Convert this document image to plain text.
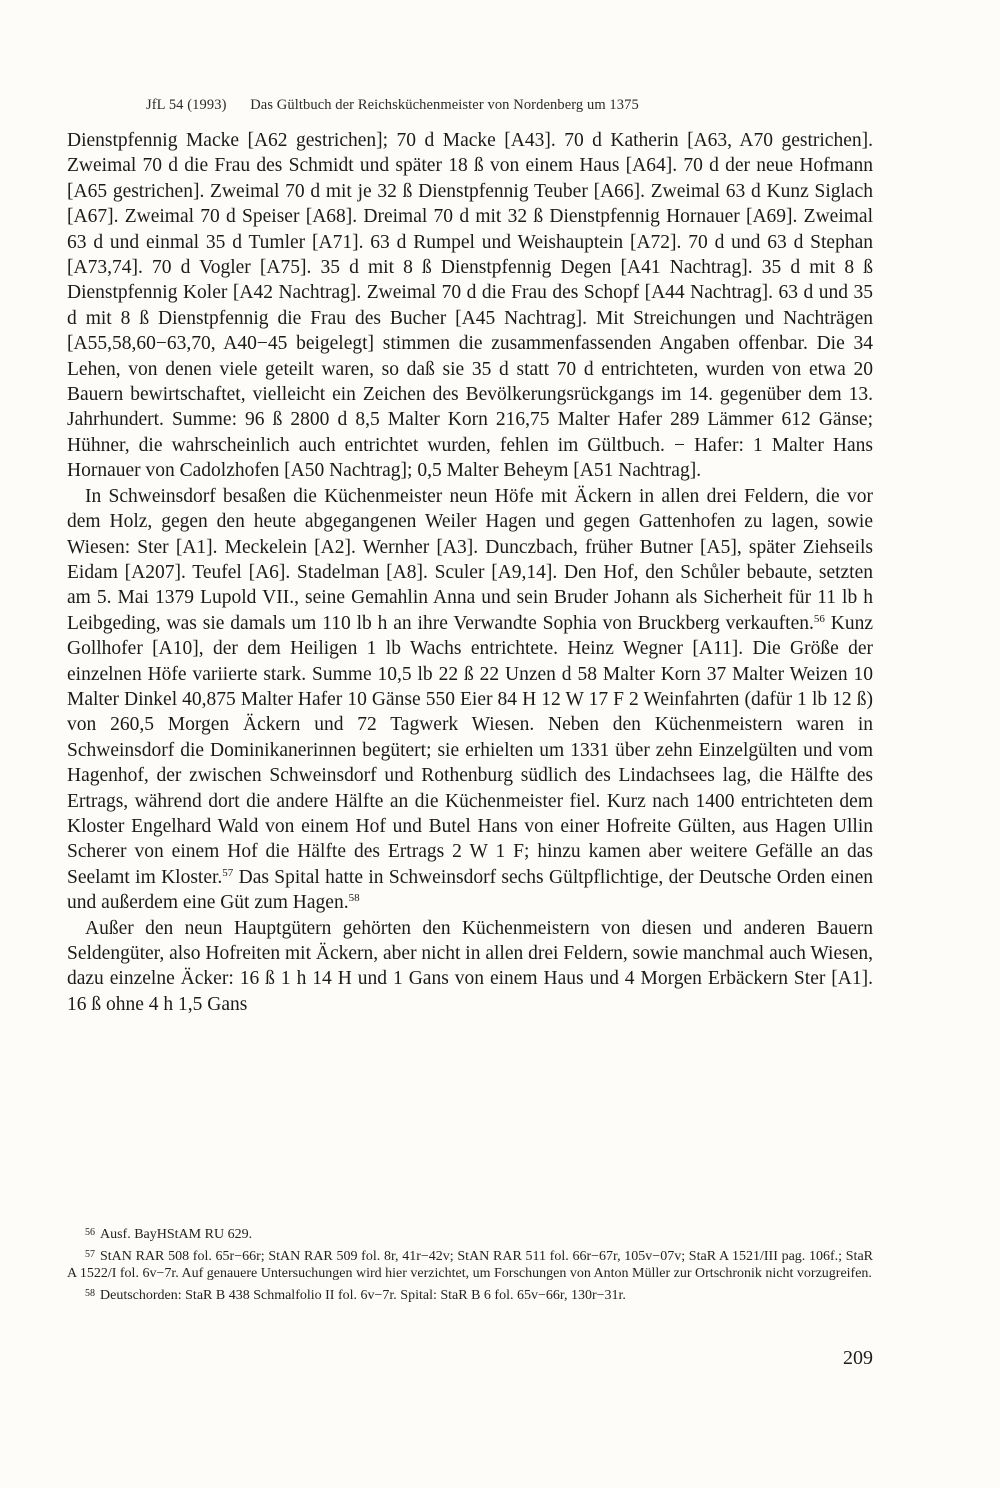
JfL 54 (1993) Das Gültbuch der Reichsküchenmeister von Nordenberg um 1375

Dienstpfennig Macke [A62 gestrichen]; 70 d Macke [A43]. 70 d Katherin [A63, A70 gestrichen]. Zweimal 70 d die Frau des Schmidt und später 18 ß von einem Haus [A64]. 70 d der neue Hofmann [A65 gestrichen]. Zweimal 70 d mit je 32 ß Dienstpfennig Teuber [A66]. Zweimal 63 d Kunz Siglach [A67]. Zweimal 70 d Speiser [A68]. Dreimal 70 d mit 32 ß Dienstpfennig Hornauer [A69]. Zweimal 63 d und einmal 35 d Tumler [A71]. 63 d Rumpel und Weishauptein [A72]. 70 d und 63 d Stephan [A73,74]. 70 d Vogler [A75]. 35 d mit 8 ß Dienstpfennig Degen [A41 Nachtrag]. 35 d mit 8 ß Dienstpfennig Koler [A42 Nachtrag]. Zweimal 70 d die Frau des Schopf [A44 Nachtrag]. 63 d und 35 d mit 8 ß Dienstpfennig die Frau des Bucher [A45 Nachtrag]. Mit Streichungen und Nachträgen [A55,58,60−63,70, A40−45 beigelegt] stimmen die zusammenfassenden Angaben offenbar. Die 34 Lehen, von denen viele geteilt waren, so daß sie 35 d statt 70 d entrichteten, wurden von etwa 20 Bauern bewirtschaftet, vielleicht ein Zeichen des Bevölkerungsrückgangs im 14. gegenüber dem 13. Jahrhundert. Summe: 96 ß 2800 d 8,5 Malter Korn 216,75 Malter Hafer 289 Lämmer 612 Gänse; Hühner, die wahrscheinlich auch entrichtet wurden, fehlen im Gültbuch. − Hafer: 1 Malter Hans Hornauer von Cadolzhofen [A50 Nachtrag]; 0,5 Malter Beheym [A51 Nachtrag].

In Schweinsdorf besaßen die Küchenmeister neun Höfe mit Äckern in allen drei Feldern, die vor dem Holz, gegen den heute abgegangenen Weiler Hagen und gegen Gattenhofen zu lagen, sowie Wiesen: Ster [A1]. Meckelein [A2]. Wernher [A3]. Dunczbach, früher Butner [A5], später Ziehseils Eidam [A207]. Teufel [A6]. Stadelman [A8]. Sculer [A9,14]. Den Hof, den Schůler bebaute, setzten am 5. Mai 1379 Lupold VII., seine Gemahlin Anna und sein Bruder Johann als Sicherheit für 11 lb h Leibgeding, was sie damals um 110 lb h an ihre Verwandte Sophia von Bruckberg verkauften.$^{56}$ Kunz Gollhofer [A10], der dem Heiligen 1 lb Wachs entrichtete. Heinz Wegner [A11]. Die Größe der einzelnen Höfe variierte stark. Summe 10,5 lb 22 ß 22 Unzen d 58 Malter Korn 37 Malter Weizen 10 Malter Dinkel 40,875 Malter Hafer 10 Gänse 550 Eier 84 H 12 W 17 F 2 Weinfahrten (dafür 1 lb 12 ß) von 260,5 Morgen Äckern und 72 Tagwerk Wiesen. Neben den Küchenmeistern waren in Schweinsdorf die Dominikanerinnen begütert; sie erhielten um 1331 über zehn Einzelgülten und vom Hagenhof, der zwischen Schweinsdorf und Rothenburg südlich des Lindachsees lag, die Hälfte des Ertrags, während dort die andere Hälfte an die Küchenmeister fiel. Kurz nach 1400 entrichteten dem Kloster Engelhard Wald von einem Hof und Butel Hans von einer Hofreite Gülten, aus Hagen Ullin Scherer von einem Hof die Hälfte des Ertrags 2 W 1 F; hinzu kamen aber weitere Gefälle an das Seelamt im Kloster.$^{57}$ Das Spital hatte in Schweinsdorf sechs Gültpflichtige, der Deutsche Orden einen und außerdem eine Güt zum Hagen.$^{58}$

Außer den neun Hauptgütern gehörten den Küchenmeistern von diesen und anderen Bauern Seldengüter, also Hofreiten mit Äckern, aber nicht in allen drei Feldern, sowie manchmal auch Wiesen, dazu einzelne Äcker: 16 ß 1 h 14 H und 1 Gans von einem Haus und 4 Morgen Erbäckern Ster [A1]. 16 ß ohne 4 h 1,5 Gans

$^{56}$ Ausf. BayHStAM RU 629.

$^{57}$ StAN RAR 508 fol. 65r−66r; StAN RAR 509 fol. 8r, 41r−42v; StAN RAR 511 fol. 66r−67r, 105v−07v; StaR A 1521/III pag. 106f.; StaR A 1522/I fol. 6v−7r. Auf genauere Untersuchungen wird hier verzichtet, um Forschungen von Anton Müller zur Ortschronik nicht vorzugreifen.

$^{58}$ Deutschorden: StaR B 438 Schmalfolio II fol. 6v−7r. Spital: StaR B 6 fol. 65v−66r, 130r−31r.

209
